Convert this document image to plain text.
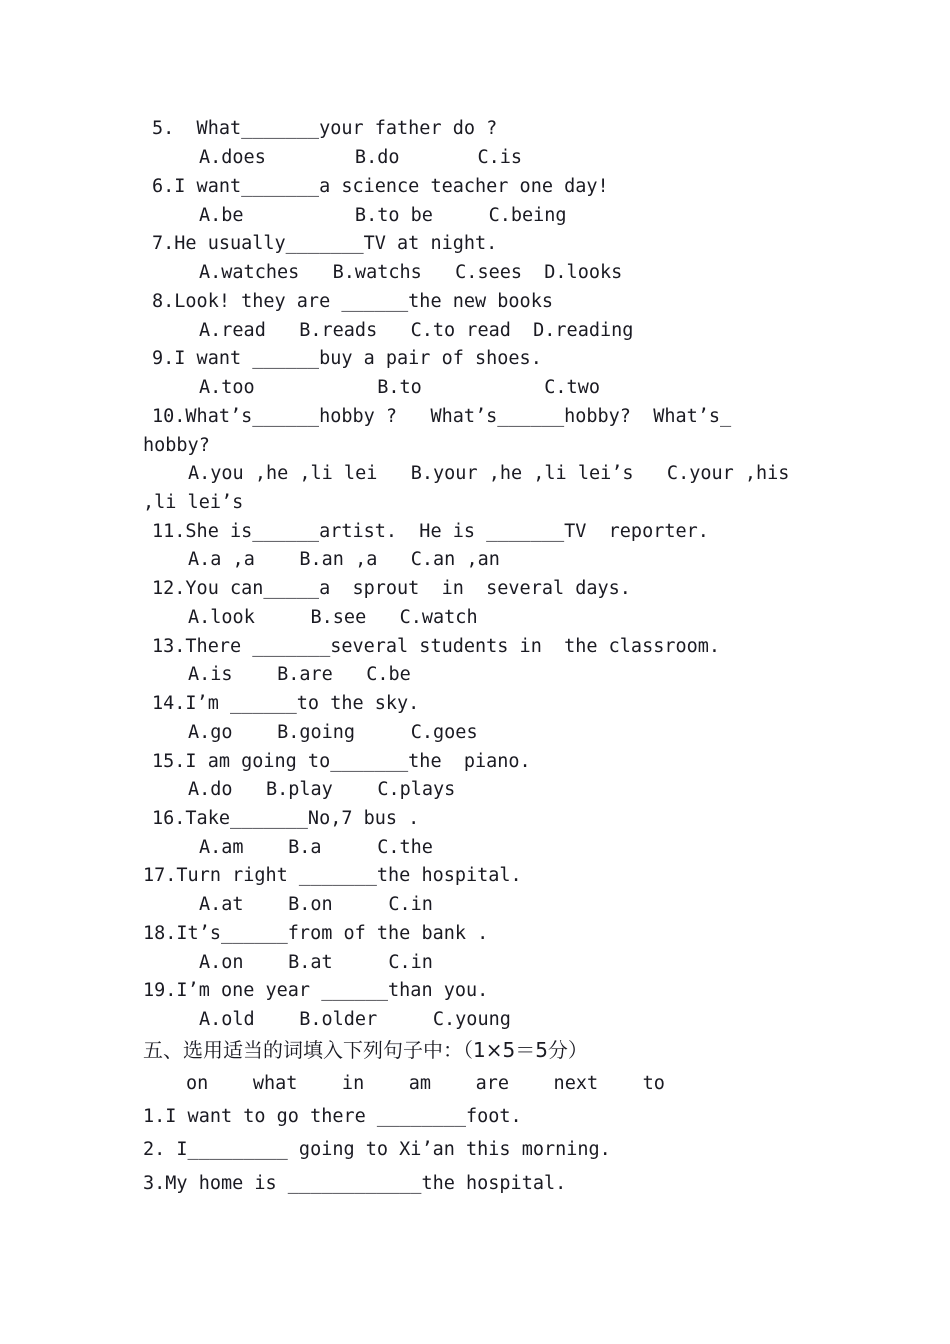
5.  What_______your father do ?
A.does        B.do       C.is
6.I want_______a science teacher one day!
A.be          B.to be     C.being
7.He usually_______TV at night.
A.watches   B.watchs   C.sees  D.looks
8.Look! they are ______the new books
A.read   B.reads   C.to read  D.reading
9.I want ______buy a pair of shoes.
A.too           B.to           C.two
10.What’s______hobby ?   What’s______hobby?  What’s_
hobby?
A.you ,he ,li lei   B.your ,he ,li lei’s   C.your ,his
,li lei’s
11.She is______artist.  He is _______TV  reporter.
A.a ,a    B.an ,a   C.an ,an
12.You can_____a  sprout  in  several days.
A.look     B.see   C.watch
13.There _______several students in  the classroom.
A.is    B.are   C.be
14.I’m ______to the sky.
A.go    B.going     C.goes
15.I am going to_______the  piano.
A.do   B.play    C.plays
16.Take_______No,7 bus .
A.am    B.a     C.the
17.Turn right _______the hospital.
A.at    B.on     C.in
18.It’s______from of the bank .
A.on    B.at     C.in
19.I’m one year ______than you.
A.old    B.older     C.young
五、选用适当的词填入下列句子中：（1×5＝5分）
on    what    in    am    are    next    to
1.I want to go there ________foot.
2. I_________ going to Xi’an this morning.
3.My home is ____________the hospital.
